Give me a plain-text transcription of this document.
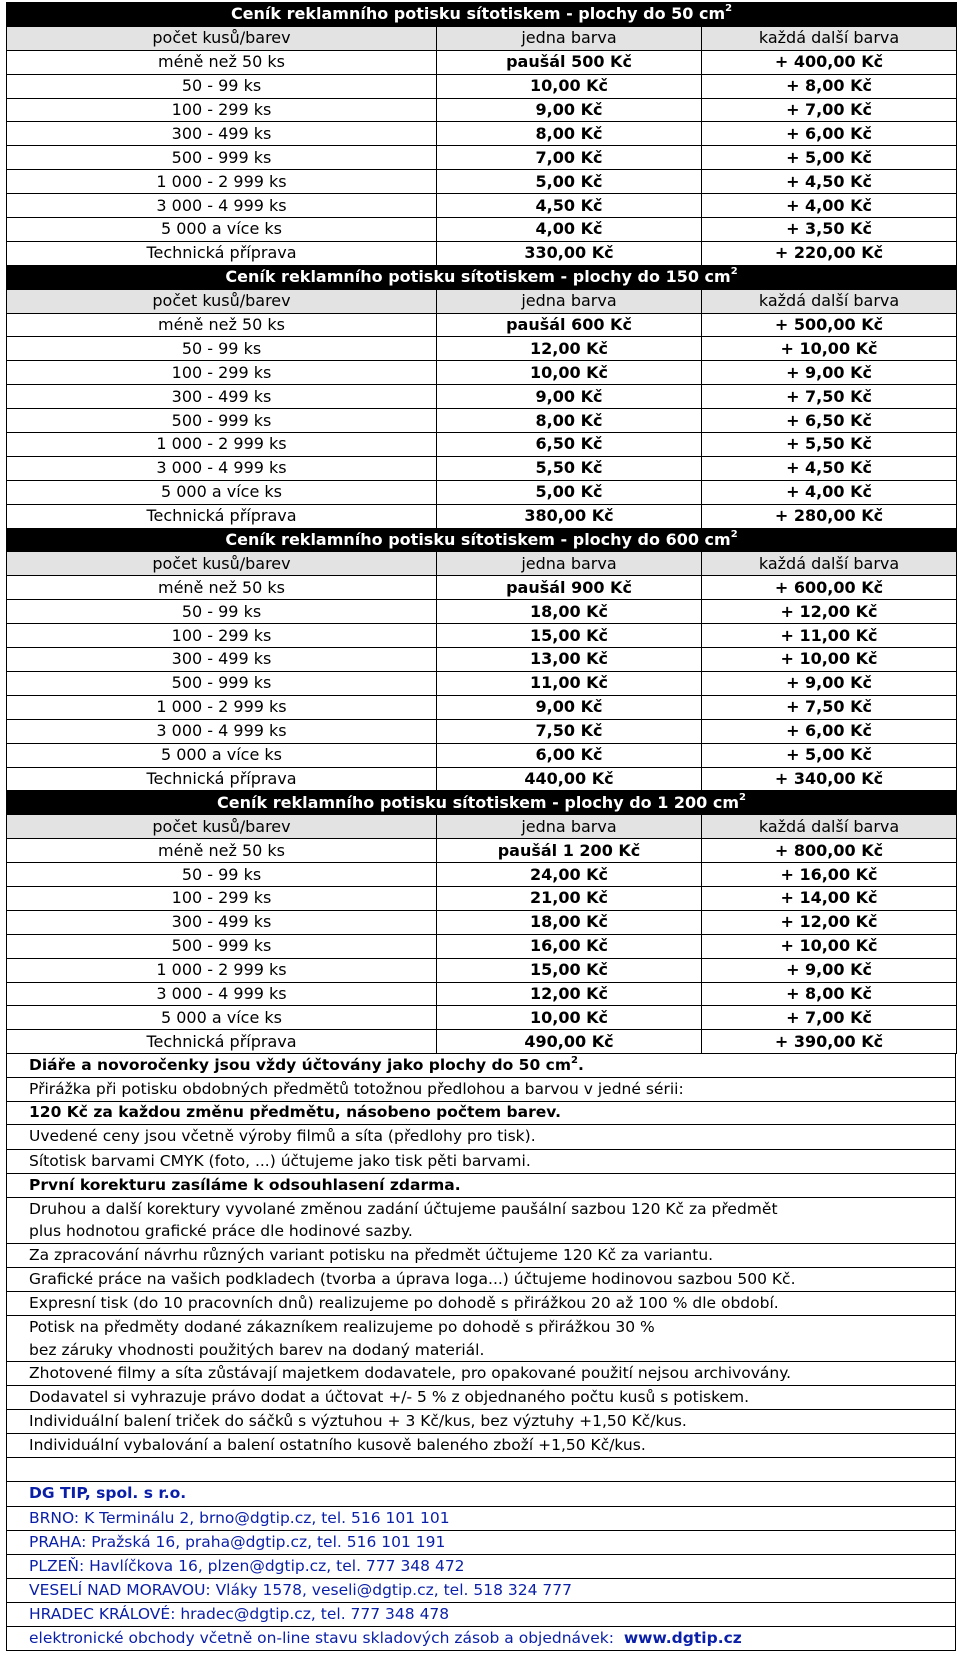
Ceník reklamního potisku sítotiskem - plochy do 50 $cm^2$
počet kusů/barev	jedna barva	každá další barva
méně než 50 ks	paušál 500 Kč	+ 400,00 Kč
50 - 99 ks	10,00 Kč	+ 8,00 Kč
100 - 299 ks	9,00 Kč	+ 7,00 Kč
300 - 499 ks	8,00 Kč	+ 6,00 Kč
500 - 999 ks	7,00 Kč	+ 5,00 Kč
1 000 - 2 999 ks	5,00 Kč	+ 4,50 Kč
3 000 - 4 999 ks	4,50 Kč	+ 4,00 Kč
5 000 a více ks	4,00 Kč	+ 3,50 Kč
Technická příprava	330,00 Kč	+ 220,00 Kč
Ceník reklamního potisku sítotiskem - plochy do 150 $cm^2$
počet kusů/barev	jedna barva	každá další barva
méně než 50 ks	paušál 600 Kč	+ 500,00 Kč
50 - 99 ks	12,00 Kč	+ 10,00 Kč
100 - 299 ks	10,00 Kč	+ 9,00 Kč
300 - 499 ks	9,00 Kč	+ 7,50 Kč
500 - 999 ks	8,00 Kč	+ 6,50 Kč
1 000 - 2 999 ks	6,50 Kč	+ 5,50 Kč
3 000 - 4 999 ks	5,50 Kč	+ 4,50 Kč
5 000 a více ks	5,00 Kč	+ 4,00 Kč
Technická příprava	380,00 Kč	+ 280,00 Kč
Ceník reklamního potisku sítotiskem - plochy do 600 $cm^2$
počet kusů/barev	jedna barva	každá další barva
méně než 50 ks	paušál 900 Kč	+ 600,00 Kč
50 - 99 ks	18,00 Kč	+ 12,00 Kč
100 - 299 ks	15,00 Kč	+ 11,00 Kč
300 - 499 ks	13,00 Kč	+ 10,00 Kč
500 - 999 ks	11,00 Kč	+ 9,00 Kč
1 000 - 2 999 ks	9,00 Kč	+ 7,50 Kč
3 000 - 4 999 ks	7,50 Kč	+ 6,00 Kč
5 000 a více ks	6,00 Kč	+ 5,00 Kč
Technická příprava	440,00 Kč	+ 340,00 Kč
Ceník reklamního potisku sítotiskem - plochy do 1 200 $cm^2$
počet kusů/barev	jedna barva	každá další barva
méně než 50 ks	paušál 1 200 Kč	+ 800,00 Kč
50 - 99 ks	24,00 Kč	+ 16,00 Kč
100 - 299 ks	21,00 Kč	+ 14,00 Kč
300 - 499 ks	18,00 Kč	+ 12,00 Kč
500 - 999 ks	16,00 Kč	+ 10,00 Kč
1 000 - 2 999 ks	15,00 Kč	+ 9,00 Kč
3 000 - 4 999 ks	12,00 Kč	+ 8,00 Kč
5 000 a více ks	10,00 Kč	+ 7,00 Kč
Technická příprava	490,00 Kč	+ 390,00 Kč
Diáře a novoročenky jsou vždy účtovány jako plochy do 50 $cm^2$.
Přirážka při potisku obdobných předmětů totožnou předlohou a barvou v jedné sérii:
120 Kč za každou změnu předmětu, násobeno počtem barev.
Uvedené ceny jsou včetně výroby filmů a síta (předlohy pro tisk).
Sítotisk barvami CMYK (foto, ...) účtujeme jako tisk pěti barvami.
První korekturu zasíláme k odsouhlasení zdarma.
Druhou a další korektury vyvolané změnou zadání účtujeme paušální sazbou 120 Kč za předmět
plus hodnotou grafické práce dle hodinové sazby.
Za zpracování návrhu různých variant potisku na předmět účtujeme 120 Kč za variantu.
Grafické práce na vašich podkladech (tvorba a úprava loga...) účtujeme hodinovou sazbou 500 Kč.
Expresní tisk (do 10 pracovních dnů) realizujeme po dohodě s přirážkou 20 až 100 % dle období.
Potisk na předměty dodané zákazníkem realizujeme po dohodě s přirážkou 30 %
bez záruky vhodnosti použitých barev na dodaný materiál.
Zhotovené filmy a síta zůstávají majetkem dodavatele, pro opakované použití nejsou archivovány.
Dodavatel si vyhrazuje právo dodat a účtovat +/- 5 % z objednaného počtu kusů s potiskem.
Individuální balení triček do sáčků s výztuhou + 3 Kč/kus, bez výztuhy +1,50 Kč/kus.
Individuální vybalování a balení ostatního kusově baleného zboží +1,50 Kč/kus.
DG TIP, spol. s r.o.
BRNO: K Terminálu 2, brno@dgtip.cz, tel. 516 101 101
PRAHA: Pražská 16, praha@dgtip.cz, tel. 516 101 191
PLZEŇ: Havlíčkova 16, plzen@dgtip.cz, tel. 777 348 472
VESELÍ NAD MORAVOU: Vláky 1578, veseli@dgtip.cz, tel. 518 324 777
HRADEC KRÁLOVÉ: hradec@dgtip.cz, tel. 777 348 478
elektronické obchody včetně on-line stavu skladových zásob a objednávek: www.dgtip.cz
